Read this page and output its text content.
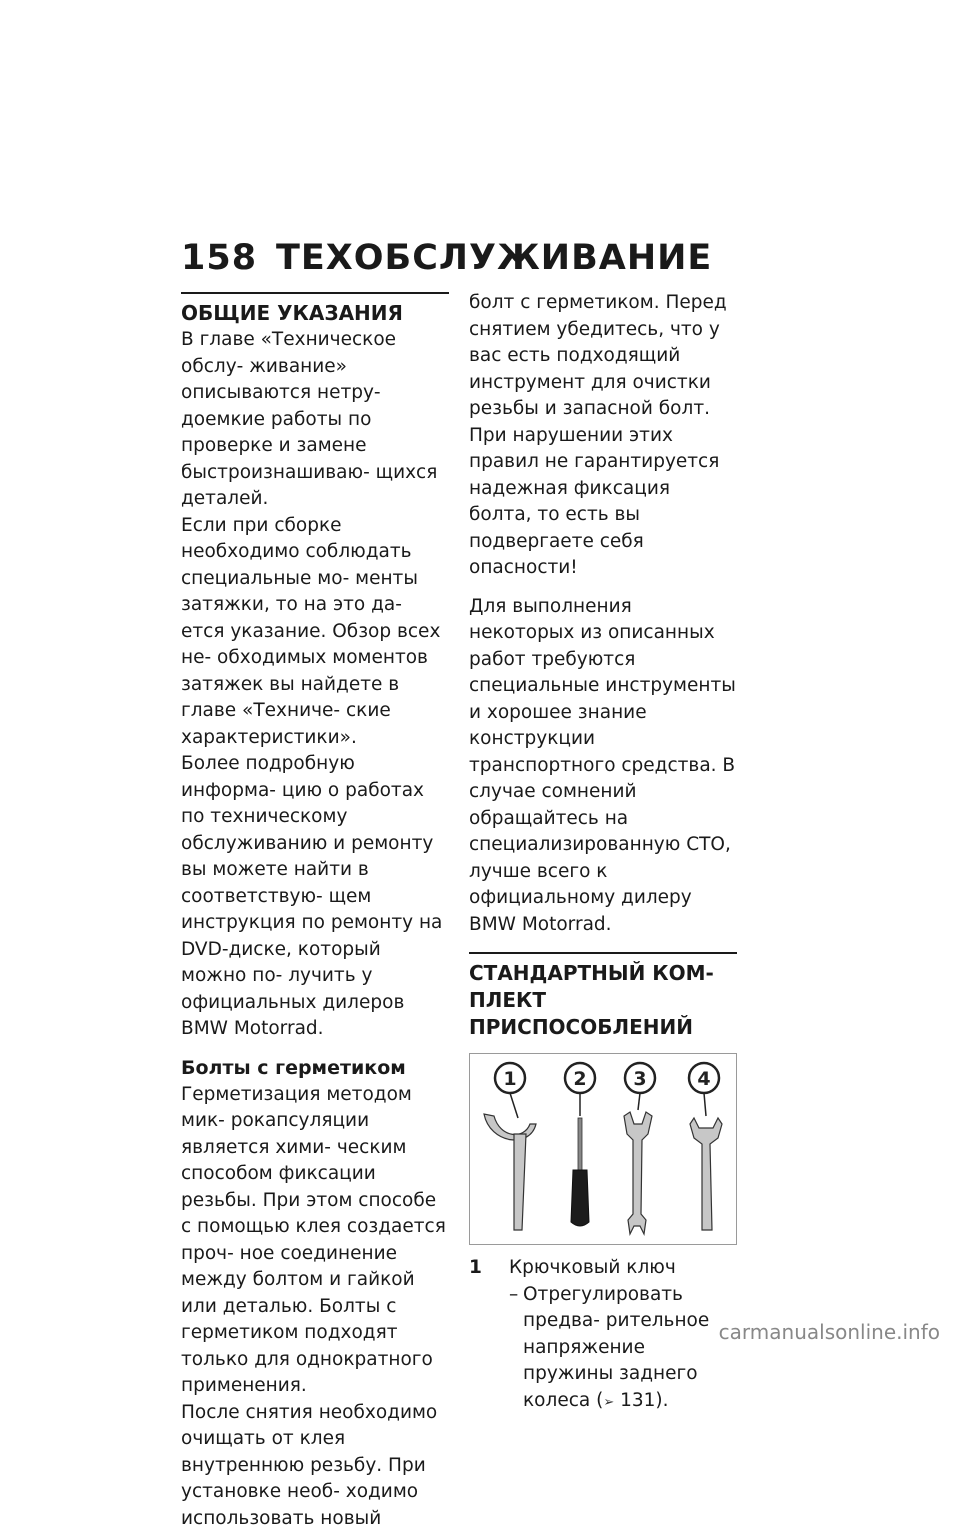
158 ТЕХОБСЛУЖИВАНИЕ
ОБЩИЕ УКАЗАНИЯ

В главе «Техническое обслу- живание» описываются нетру- доемкие работы по проверке и замене быстроизнашиваю- щихся деталей.

Если при сборке необходимо соблюдать специальные мо- менты затяжки, то на это да- ется указание. Обзор всех не- обходимых моментов затяжек вы найдете в главе «Техниче- ские характеристики».

Более подробную информа- цию о работах по техническому обслуживанию и ремонту вы можете найти в соответствую- щем инструкция по ремонту на DVD-диске, который можно по- лучить у официальных дилеров BMW Motorrad.

Болты с герметиком

Герметизация методом мик- рокапсуляции является хими- ческим способом фиксации резьбы. При этом способе с помощью клея создается проч- ное соединение между болтом и гайкой или деталью. Болты с герметиком подходят только для однократного применения.

После снятия необходимо очищать от клея внутреннюю резьбу. При установке необ- ходимо использовать новый

болт с герметиком. Перед снятием убедитесь, что у вас есть подходящий инструмент для очистки резьбы и запасной болт. При нарушении этих правил не гарантируется надежная фиксация болта, то есть вы подвергаете себя опасности!

Для выполнения некоторых из описанных работ требуются специальные инструменты и хорошее знание конструкции транспортного средства. В случае сомнений обращайтесь на специализированную СТО, лучше всего к официальному дилеру BMW Motorrad.

СТАНДАРТНЫЙ КОМ- ПЛЕКТ ПРИСПОСОБЛЕНИЙ
1	2 3	4
1	Крючковый ключ
– Отрегулировать предва- рительное напряжение пружины заднего колеса (➢ 131).
carmanualsonline.info
